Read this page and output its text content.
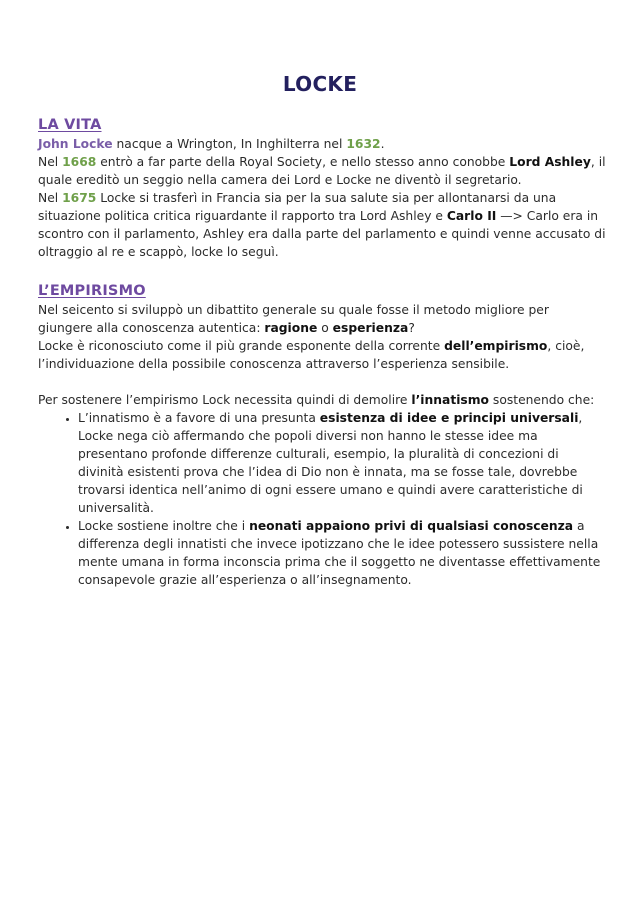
LOCKE
LA VITA

John Locke nacque a Wrington, In Inghilterra nel 1632.

Nel 1668 entrò a far parte della Royal Society, e nello stesso anno conobbe Lord Ashley, il quale ereditò un seggio nella camera dei Lord e Locke ne diventò il segretario.

Nel 1675 Locke si trasferì in Francia sia per la sua salute sia per allontanarsi da una situazione politica critica riguardante il rapporto tra Lord Ashley e Carlo II —> Carlo era in scontro con il parlamento, Ashley era dalla parte del parlamento e quindi venne accusato di oltraggio al re e scappò, locke lo seguì.

L’EMPIRISMO

Nel seicento si sviluppò un dibattito generale su quale fosse il metodo migliore per giungere alla conoscenza autentica: ragione o esperienza?

Locke è riconosciuto come il più grande esponente della corrente dell’empirismo, cioè, l’individuazione della possibile conoscenza attraverso l’esperienza sensibile.

Per sostenere l’empirismo Lock necessita quindi di demolire l’innatismo sostenendo che:

• L’innatismo è a favore di una presunta esistenza di idee e principi universali, Locke nega ciò affermando che popoli diversi non hanno le stesse idee ma presentano profonde differenze culturali, esempio, la pluralità di concezioni di divinità esistenti prova che l’idea di Dio non è innata, ma se fosse tale, dovrebbe trovarsi identica nell’animo di ogni essere umano e quindi avere caratteristiche di universalità.
• Locke sostiene inoltre che i neonati appaiono privi di qualsiasi conoscenza a differenza degli innatisti che invece ipotizzano che le idee potessero sussistere nella mente umana in forma inconscia prima che il soggetto ne diventasse effettivamente consapevole grazie all’esperienza o all’insegnamento.
